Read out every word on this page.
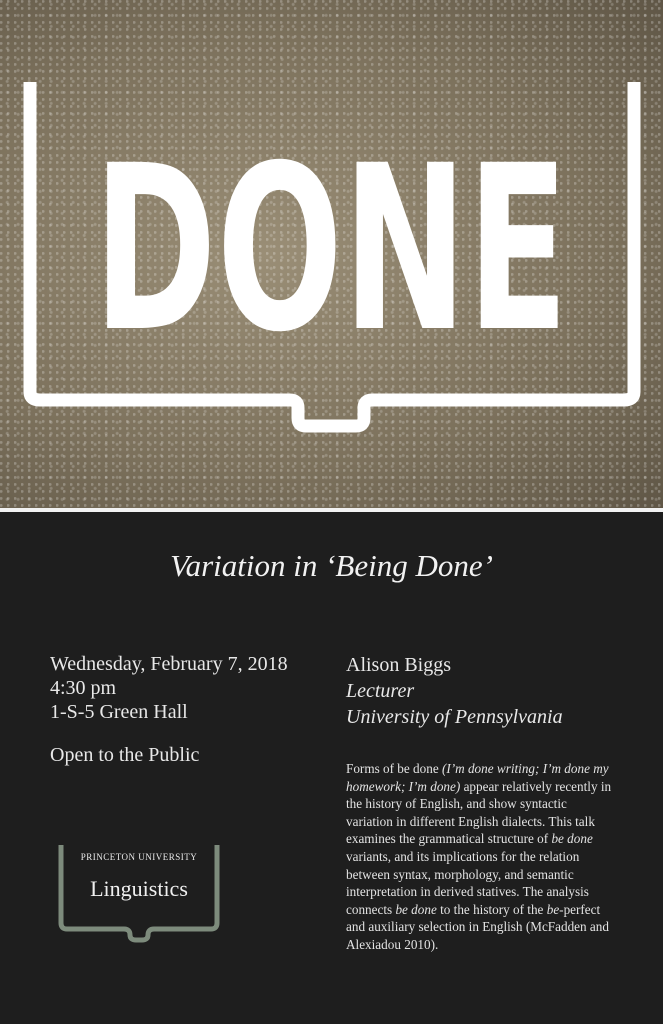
DONE
Variation in ‘Being Done’
Wednesday, February 7, 2018
4:30 pm
1-S-5 Green Hall
Open to the Public
Alison Biggs
Lecturer
University of Pennsylvania
Forms of be done (I’m done writing; I’m done my homework; I’m done) appear relatively recently in the history of English, and show syntactic variation in different English dialects. This talk examines the grammatical structure of be done variants, and its implications for the relation between syntax, morphology, and semantic interpretation in derived statives. The analysis connects be done to the history of the be-perfect and auxiliary selection in English (McFadden and Alexiadou 2010).
PRINCETON UNIVERSITY
Linguistics
